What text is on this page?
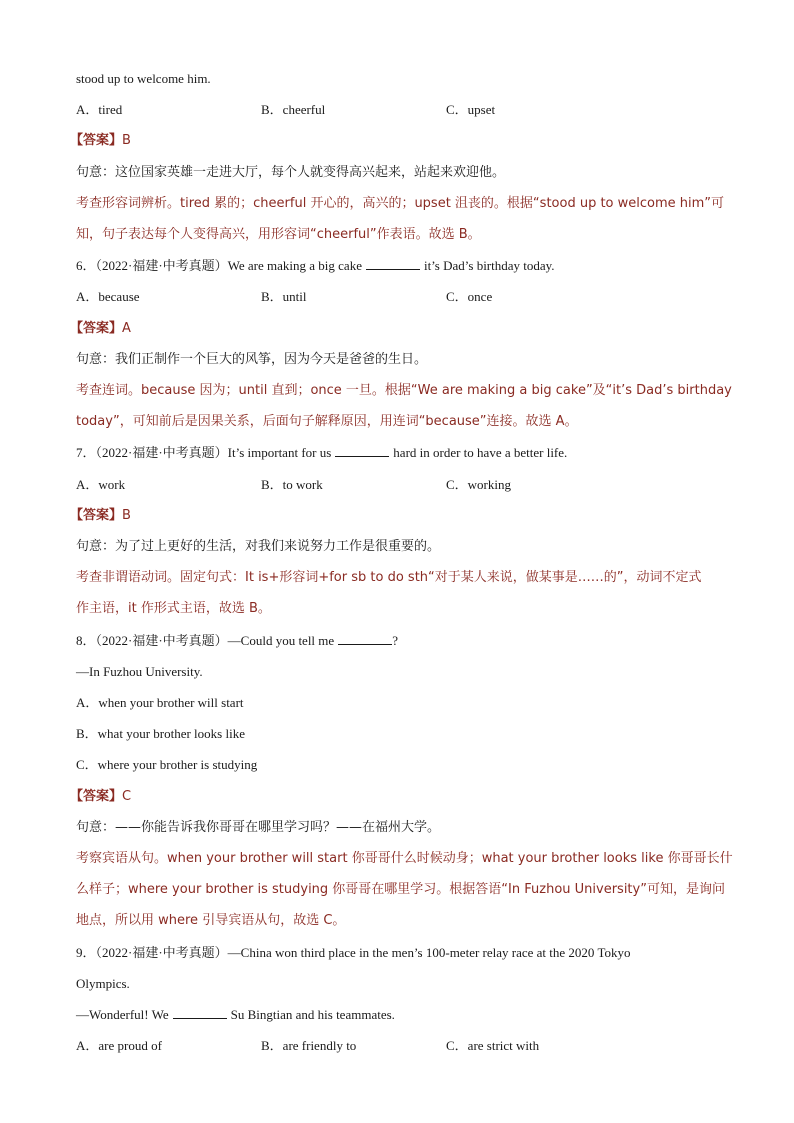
stood up to welcome him.
A．tired	B．cheerful	C．upset
【答案】B
句意：这位国家英雄一走进大厅，每个人就变得高兴起来，站起来欢迎他。
考查形容词辨析。tired 累的；cheerful 开心的，高兴的；upset 沮丧的。根据“stood up to welcome him”可
知，句子表达每个人变得高兴，用形容词“cheerful”作表语。故选 B。
6．（2022·福建·中考真题）We are making a big cake	it’s Dad’s birthday today.
A．because	B．until	C．once
【答案】A
句意：我们正制作一个巨大的风筝，因为今天是爸爸的生日。
考查连词。because 因为；until 直到；once 一旦。根据“We are making a big cake”及“it’s Dad’s birthday
today”，可知前后是因果关系，后面句子解释原因，用连词“because”连接。故选 A。
7．（2022·福建·中考真题）It’s important for us	hard in order to have a better life.
A．work	B．to work	C．working
【答案】B
句意：为了过上更好的生活，对我们来说努力工作是很重要的。
考查非谓语动词。固定句式：It is+形容词+for sb to do sth“对于某人来说，做某事是……的”，动词不定式
作主语，it 作形式主语，故选 B。
8．（2022·福建·中考真题）—Could you tell me	?
—In Fuzhou University.
A．when your brother will start
B．what your brother looks like
C．where your brother is studying
【答案】C
句意：——你能告诉我你哥哥在哪里学习吗？——在福州大学。
考察宾语从句。when your brother will start 你哥哥什么时候动身；what your brother looks like 你哥哥长什
么样子；where your brother is studying 你哥哥在哪里学习。根据答语“In Fuzhou University”可知，是询问
地点，所以用 where 引导宾语从句，故选 C。
9．（2022·福建·中考真题）—China won third place in the men’s 100-meter relay race at the 2020 Tokyo
Olympics.
—Wonderful! We	Su Bingtian and his teammates.
A．are proud of	B．are friendly to	C．are strict with
